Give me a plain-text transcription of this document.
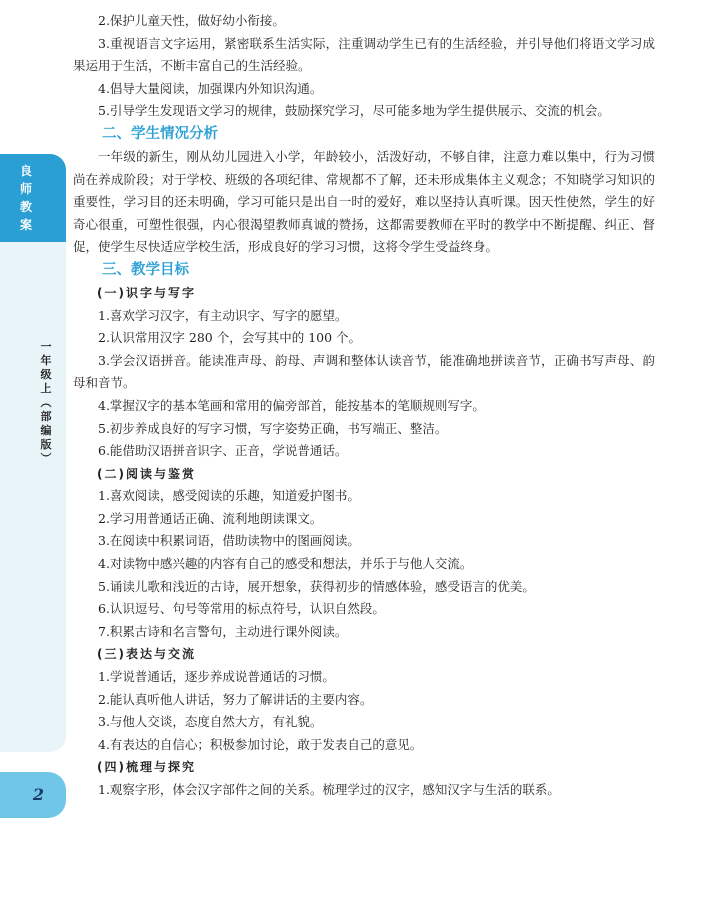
良
师
教
案
一
年
级
上
︵
部
编
版
︶
2

2.保护儿童天性，做好幼小衔接。

3.重视语言文字运用，紧密联系生活实际，注重调动学生已有的生活经验，并引导他们将语文学习成果运用于生活，不断丰富自己的生活经验。

4.倡导大量阅读，加强课内外知识沟通。

5.引导学生发现语文学习的规律，鼓励探究学习，尽可能多地为学生提供展示、交流的机会。

二、学生情况分析

一年级的新生，刚从幼儿园进入小学，年龄较小，活泼好动，不够自律，注意力难以集中，行为习惯尚在养成阶段；对于学校、班级的各项纪律、常规都不了解，还未形成集体主义观念；不知晓学习知识的重要性，学习目的还未明确，学习可能只是出自一时的爱好，难以坚持认真听课。因天性使然，学生的好奇心很重，可塑性很强，内心很渴望教师真诚的赞扬，这都需要教师在平时的教学中不断提醒、纠正、督促，使学生尽快适应学校生活，形成良好的学习习惯，这将令学生受益终身。

三、教学目标
(一)识字与写字

1.喜欢学习汉字，有主动识字、写字的愿望。

2.认识常用汉字 280 个，会写其中的 100 个。

3.学会汉语拼音。能读准声母、韵母、声调和整体认读音节，能准确地拼读音节，正确书写声母、韵母和音节。

4.掌握汉字的基本笔画和常用的偏旁部首，能按基本的笔顺规则写字。

5.初步养成良好的写字习惯，写字姿势正确，书写端正、整洁。

6.能借助汉语拼音识字、正音，学说普通话。

(二)阅读与鉴赏

1.喜欢阅读，感受阅读的乐趣，知道爱护图书。

2.学习用普通话正确、流利地朗读课文。

3.在阅读中积累词语，借助读物中的图画阅读。

4.对读物中感兴趣的内容有自己的感受和想法，并乐于与他人交流。

5.诵读儿歌和浅近的古诗，展开想象，获得初步的情感体验，感受语言的优美。

6.认识逗号、句号等常用的标点符号，认识自然段。

7.积累古诗和名言警句，主动进行课外阅读。

(三)表达与交流

1.学说普通话，逐步养成说普通话的习惯。

2.能认真听他人讲话，努力了解讲话的主要内容。

3.与他人交谈，态度自然大方，有礼貌。

4.有表达的自信心；积极参加讨论，敢于发表自己的意见。

(四)梳理与探究

1.观察字形，体会汉字部件之间的关系。梳理学过的汉字，感知汉字与生活的联系。
